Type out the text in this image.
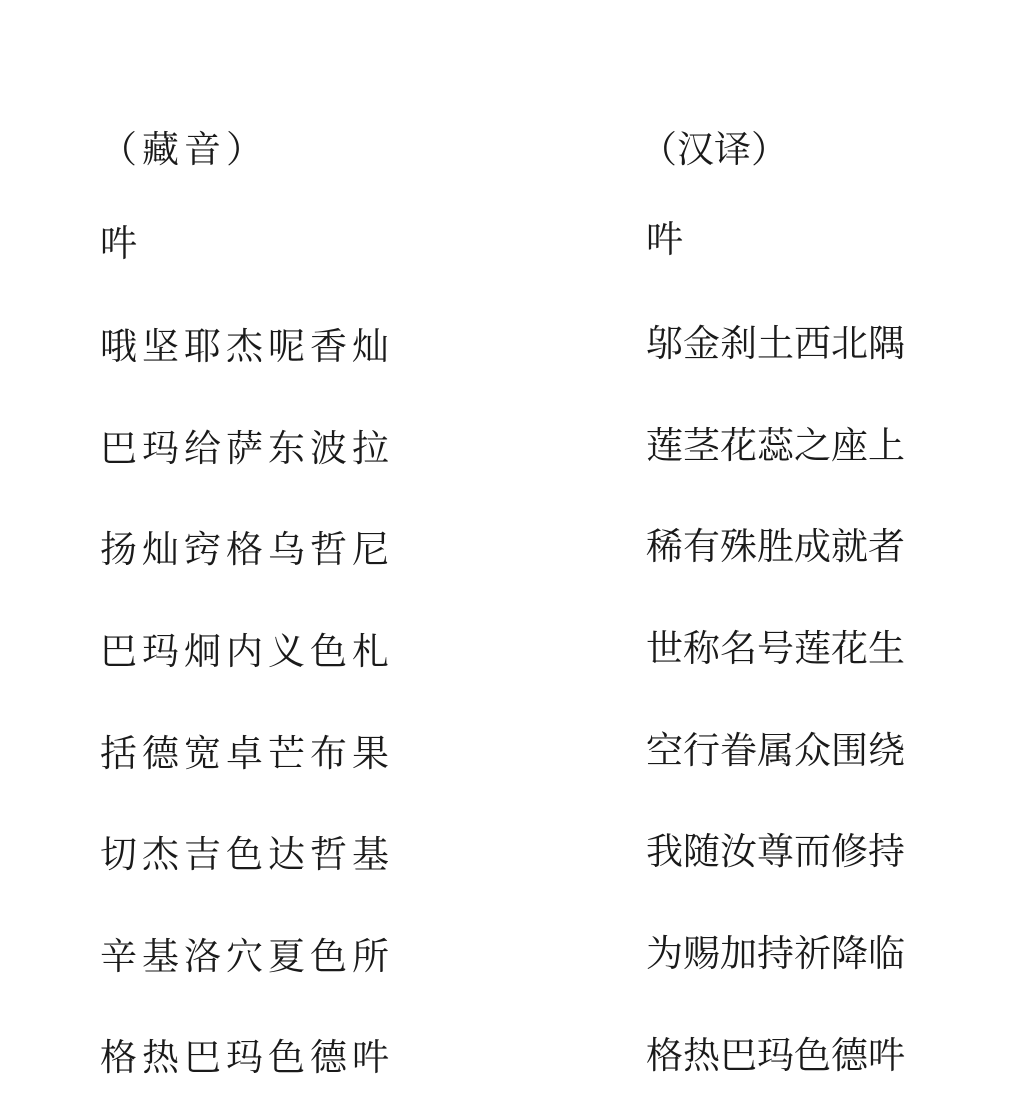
（藏音）
吽
哦坚耶杰呢香灿
巴玛给萨东波拉
扬灿窍格乌哲尼
巴玛炯内义色札
括德宽卓芒布果
切杰吉色达哲基
辛基洛穴夏色所
格热巴玛色德吽
（汉译）
吽
邬金刹土西北隅
莲茎花蕊之座上
稀有殊胜成就者
世称名号莲花生
空行眷属众围绕
我随汝尊而修持
为赐加持祈降临
格热巴玛色德吽
